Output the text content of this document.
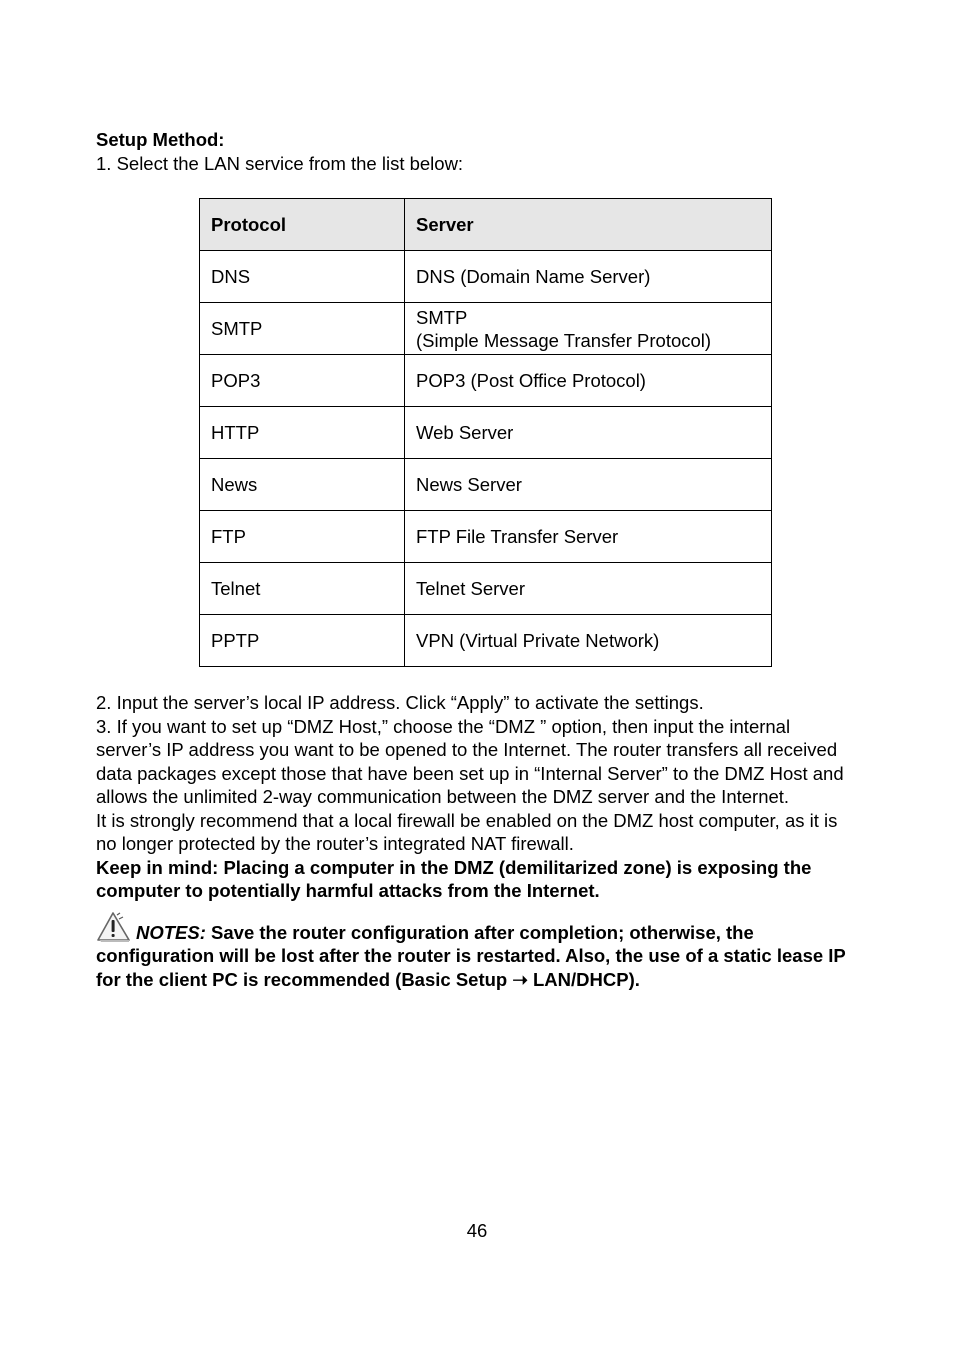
Setup Method:

1. Select the LAN service from the list below:

Protocol	Server
DNS	DNS (Domain Name Server)

SMTP	SMTP
(Simple Message Transfer Protocol)

POP3	POP3 (Post Office Protocol)

HTTP	Web Server

News	News Server

FTP	FTP File Transfer Server

Telnet	Telnet Server

PPTP	VPN (Virtual Private Network)

2. Input the server’s local IP address. Click “Apply” to activate the settings.

3. If you want to set up “DMZ Host,” choose the “DMZ ” option, then input the internal server’s IP address you want to be opened to the Internet. The router transfers all received data packages except those that have been set up in “Internal Server” to the DMZ Host and allows the unlimited 2-way communication between the DMZ server and the Internet.

It is strongly recommend that a local firewall be enabled on the DMZ host computer, as it is no longer protected by the router’s integrated NAT firewall.

Keep in mind: Placing a computer in the DMZ (demilitarized zone) is exposing the computer to potentially harmful attacks from the Internet.

NOTES: Save the router configuration after completion; otherwise, the configuration will be lost after the router is restarted. Also, the use of a static lease IP for the client PC is recommended (Basic Setup ➝ LAN/DHCP).

46
